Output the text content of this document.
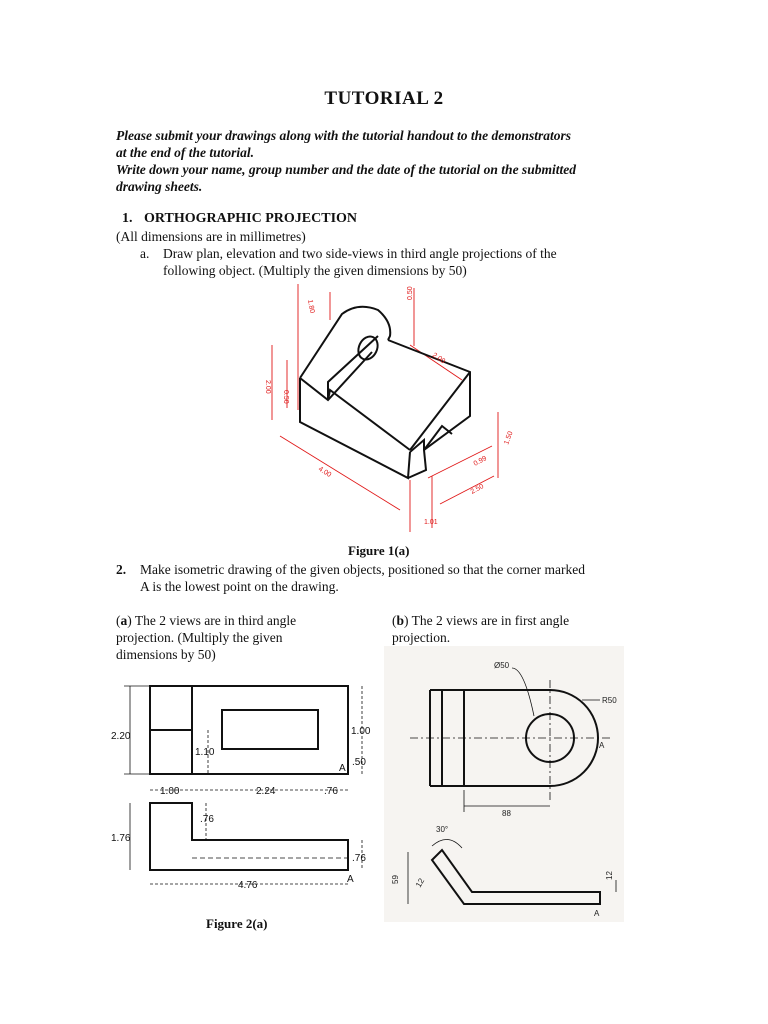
TUTORIAL 2
Please submit your drawings along with the tutorial handout to the demonstrators
at the end of the tutorial.
Write down your name, group number and the date of the tutorial on the submitted
drawing sheets.
1. ORTHOGRAPHIC PROJECTION
(All dimensions are in millimetres)
a. Draw plan, elevation and two side-views in third angle projections of the
following object. (Multiply the given dimensions by 50)
1.80
0.50
2.00
2.00
0.50
4.00
1.50
0.99
2.50
1.01
Figure 1(a)
2. Make isometric drawing of the given objects, positioned so that the corner marked
A is the lowest point on the drawing.
(a) The 2 views are in third angle
projection. (Multiply the given
dimensions by 50)
(b) The 2 views are in first angle
projection.
2.20
1.10
1.00
.50
A
1.00	2.24	.76
1.76
.76
.76
4.76
A
Figure 2(a)
Ø50
R50
A
88
30°
59 12
12
A
